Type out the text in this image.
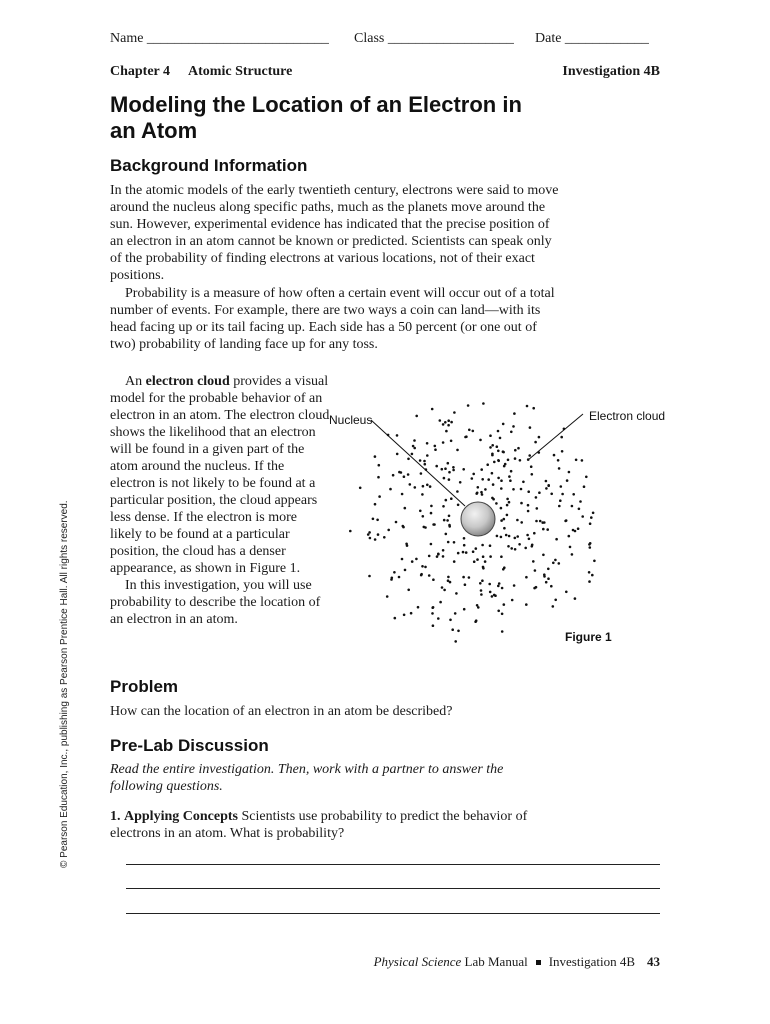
Name __________________________ Class __________________ Date ____________
Chapter 4 Atomic Structure	Investigation 4B
Modeling the Location of an Electron in an Atom
Background Information

In the atomic models of the early twentieth century, electrons were said to move around the nucleus along specific paths, much as the planets move around the sun. However, experimental evidence has indicated that the precise position of an electron in an atom cannot be known or predicted. Scientists can speak only of the probability of finding electrons at various locations, not of their exact positions.

Probability is a measure of how often a certain event will occur out of a total number of events. For example, there are two ways a coin can land—with its head facing up or its tail facing up. Each side has a 50 percent (or one out of two) probability of landing face up for any toss.

An electron cloud provides a visual model for the probable behavior of an electron in an atom. The electron cloud shows the likelihood that an electron will be found in a given part of the atom around the nucleus. If the electron is not likely to be found at a particular position, the cloud appears less dense. If the electron is more likely to be found at a particular position, the cloud has a denser appearance, as shown in Figure 1.

In this investigation, you will use probability to describe the location of an electron in an atom.

Nucleus	Electron cloud
Figure 1
Problem

How can the location of an electron in an atom be described?

Pre-Lab Discussion

Read the entire investigation. Then, work with a partner to answer the following questions.

1. Applying Concepts Scientists use probability to predict the behavior of electrons in an atom. What is probability?
Physical Science Lab Manual Investigation 4B 43
© Pearson Education, Inc., publishing as Pearson Prentice Hall. All rights reserved.
